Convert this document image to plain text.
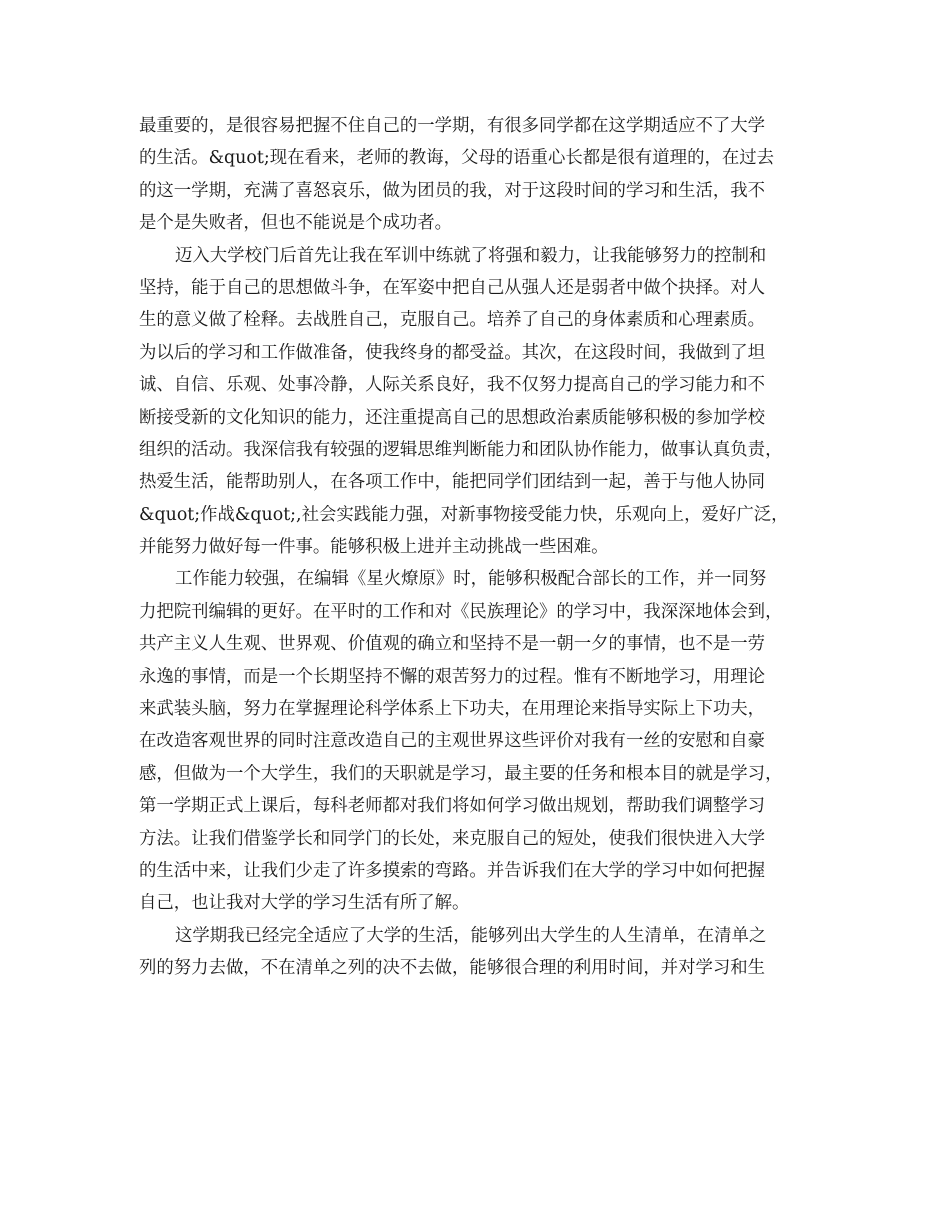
最重要的，是很容易把握不住自己的一学期，有很多同学都在这学期适应不了大学
的生活。&quot;现在看来，老师的教诲，父母的语重心长都是很有道理的，在过去
的这一学期，充满了喜怒哀乐，做为团员的我，对于这段时间的学习和生活，我不
是个是失败者，但也不能说是个成功者。
迈入大学校门后首先让我在军训中练就了将强和毅力，让我能够努力的控制和
坚持，能于自己的思想做斗争，在军姿中把自己从强人还是弱者中做个抉择。对人
生的意义做了栓释。去战胜自己，克服自己。培养了自己的身体素质和心理素质。
为以后的学习和工作做准备，使我终身的都受益。其次，在这段时间，我做到了坦
诚、自信、乐观、处事冷静，人际关系良好，我不仅努力提高自己的学习能力和不
断接受新的文化知识的能力，还注重提高自己的思想政治素质能够积极的参加学校
组织的活动。我深信我有较强的逻辑思维判断能力和团队协作能力，做事认真负责，
热爱生活，能帮助别人，在各项工作中，能把同学们团结到一起，善于与他人协同
&quot;作战&quot;,社会实践能力强，对新事物接受能力快，乐观向上，爱好广泛，
并能努力做好每一件事。能够积极上进并主动挑战一些困难。
工作能力较强，在编辑《星火燎原》时，能够积极配合部长的工作，并一同努
力把院刊编辑的更好。在平时的工作和对《民族理论》的学习中，我深深地体会到，
共产主义人生观、世界观、价值观的确立和坚持不是一朝一夕的事情，也不是一劳
永逸的事情，而是一个长期坚持不懈的艰苦努力的过程。惟有不断地学习，用理论
来武装头脑，努力在掌握理论科学体系上下功夫，在用理论来指导实际上下功夫，
在改造客观世界的同时注意改造自己的主观世界这些评价对我有一丝的安慰和自豪
感，但做为一个大学生，我们的天职就是学习，最主要的任务和根本目的就是学习，
第一学期正式上课后，每科老师都对我们将如何学习做出规划，帮助我们调整学习
方法。让我们借鉴学长和同学门的长处，来克服自己的短处，使我们很快进入大学
的生活中来，让我们少走了许多摸索的弯路。并告诉我们在大学的学习中如何把握
自己，也让我对大学的学习生活有所了解。
这学期我已经完全适应了大学的生活，能够列出大学生的人生清单，在清单之
列的努力去做，不在清单之列的决不去做，能够很合理的利用时间，并对学习和生
